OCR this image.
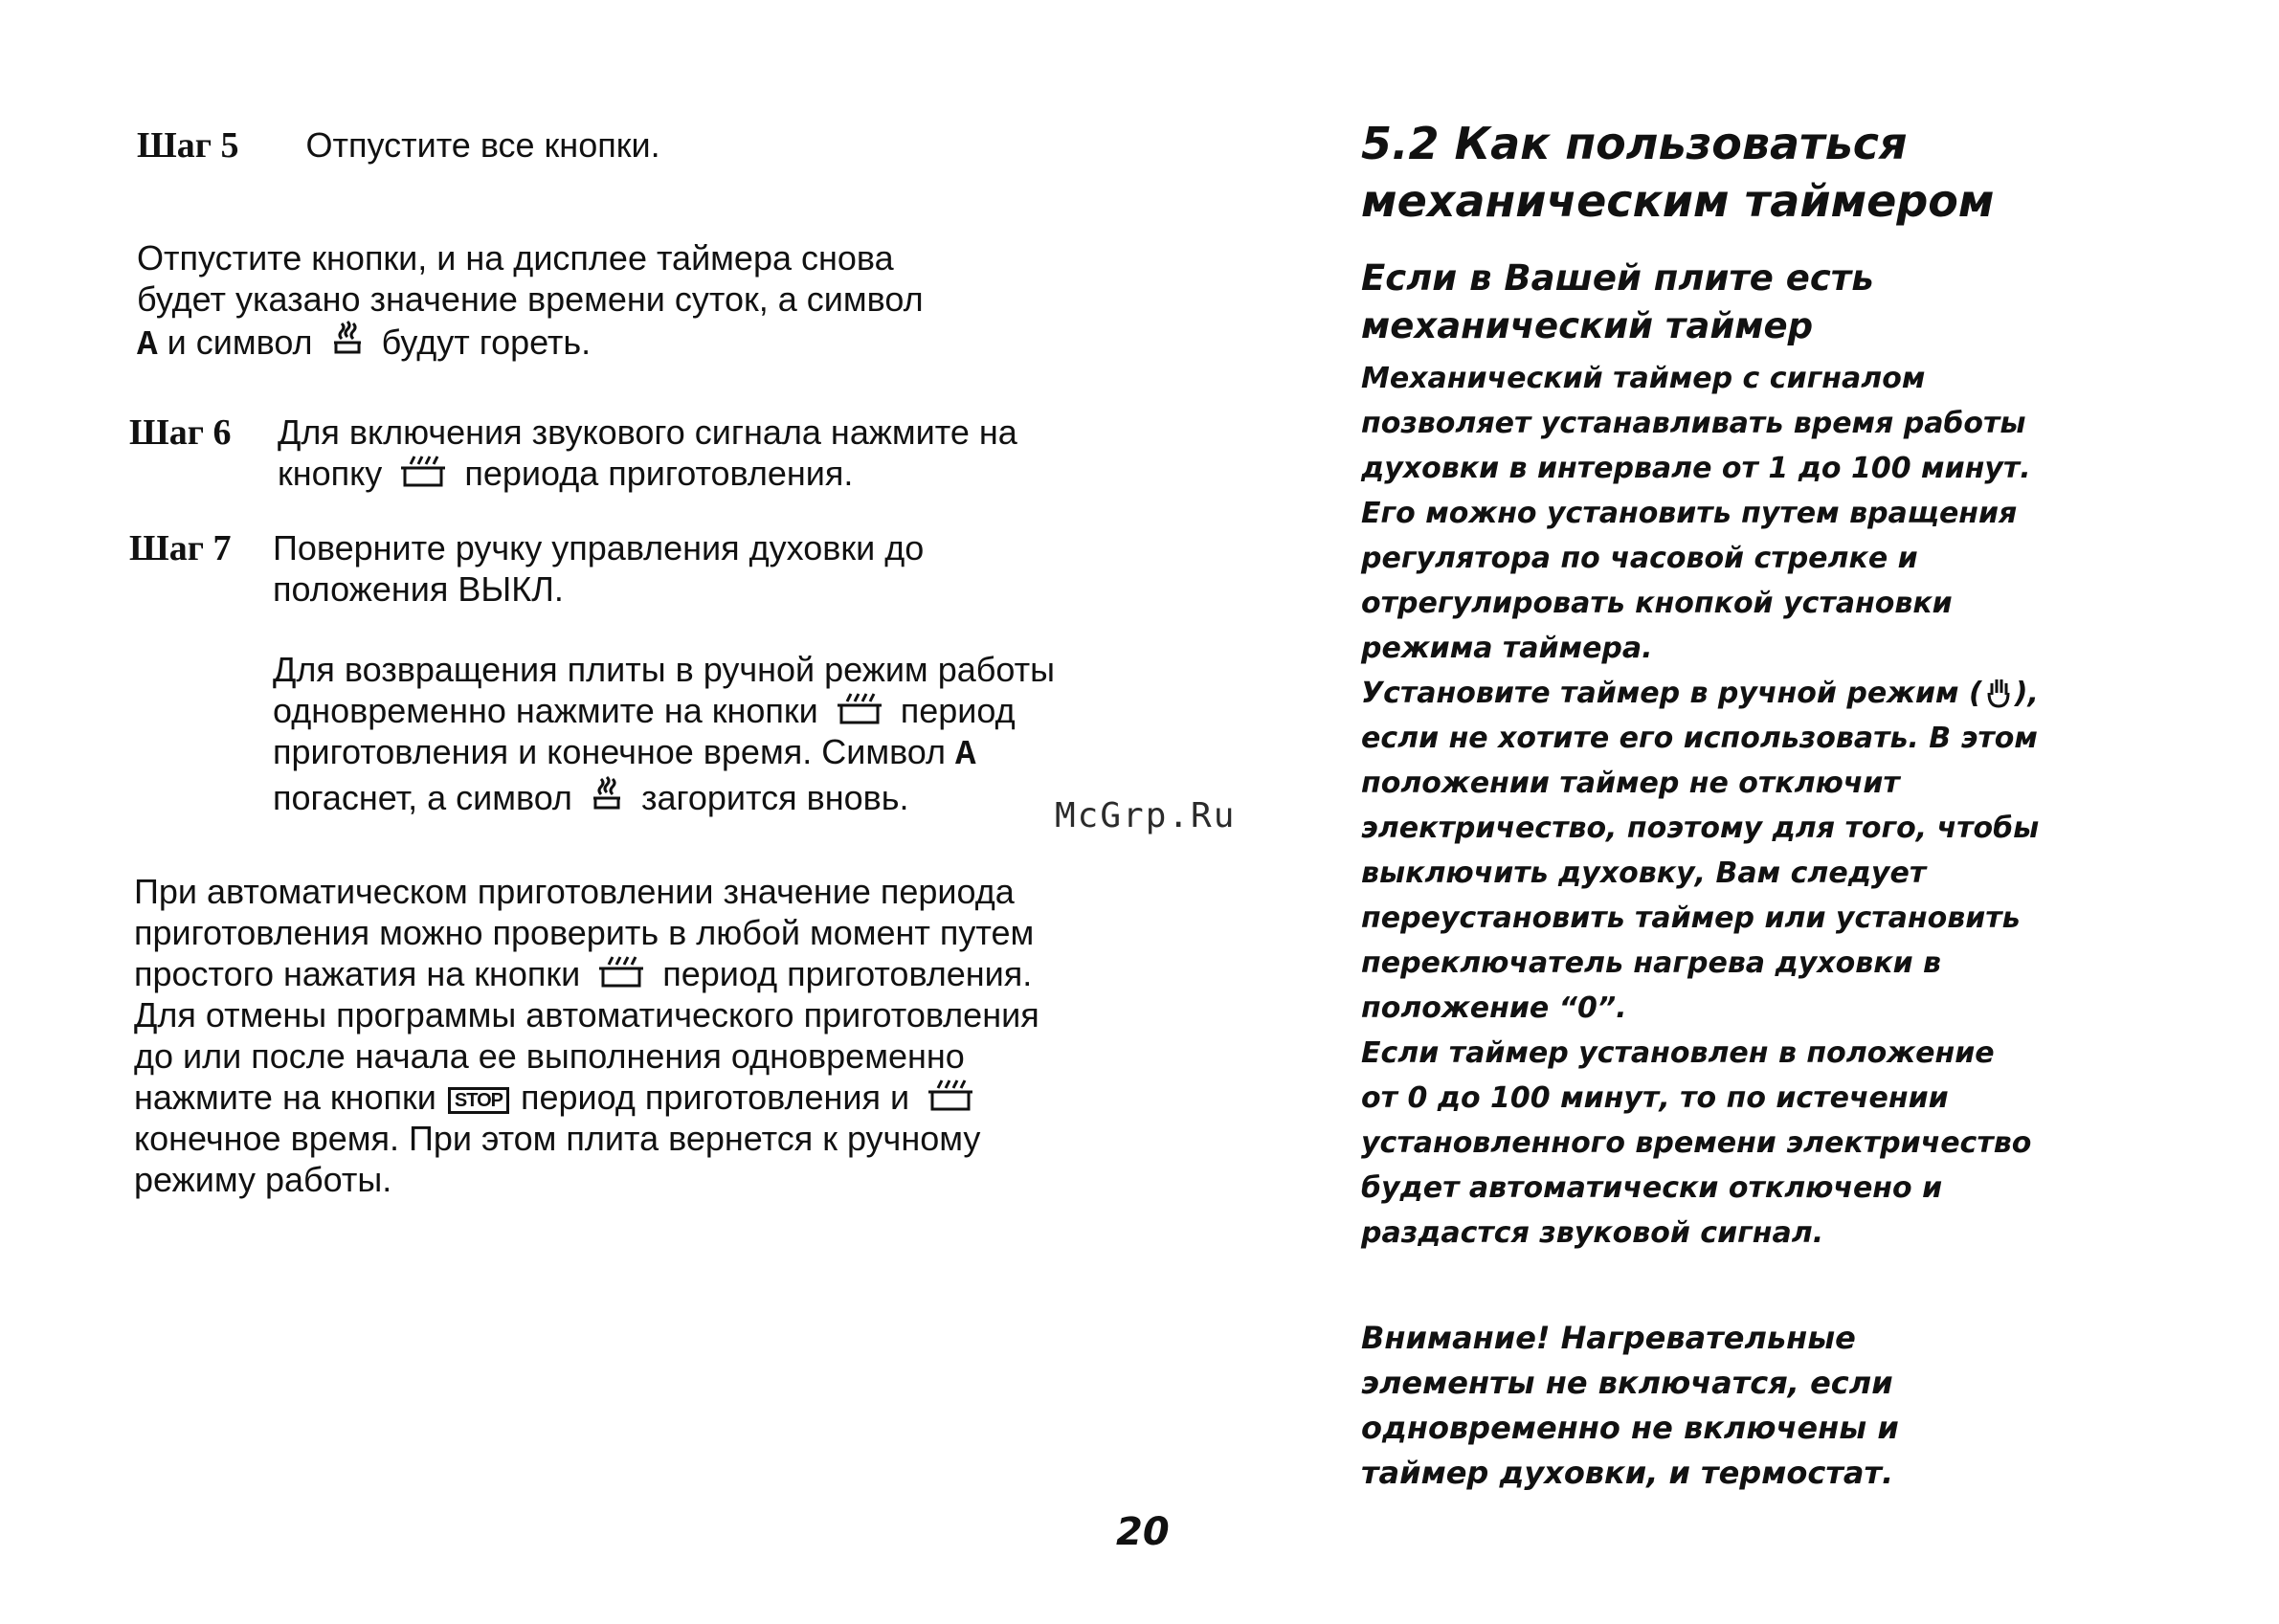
Шаг 5 Отпустите все кнопки.
Отпустите кнопки, и на дисплее таймера снова
будет указано значение времени суток, а символ
A и символ будут гореть.
Шаг 6 Для включения звукового сигнала нажмите на
кнопку периода приготовления.
Шаг 7 Поверните ручку управления духовки до
положения ВЫКЛ.
Для возвращения плиты в ручной режим работы
одновременно нажмите на кнопки период
приготовления и конечное время. Символ A
погаснет, а символ загорится вновь.
При автоматическом приготовлении значение периода
приготовления можно проверить в любой момент путем
простого нажатия на кнопки период приготовления.
Для отмены программы автоматического приготовления
до или после начала ее выполнения одновременно
нажмите на кнопки STOP период приготовления и
конечное время. При этом плита вернется к ручному
режиму работы.
McGrp.Ru
5.2 Как пользоваться
механическим таймером
Если в Вашей плите есть
механический таймер
Механический таймер с сигналом
позволяет устанавливать время работы
духовки в интервале от 1 до 100 минут.
Его можно установить путем вращения
регулятора по часовой стрелке и
отрегулировать кнопкой установки
режима таймера.
Установите таймер в ручной режим ( ),
если не хотите его использовать. В этом
положении таймер не отключит
электричество, поэтому для того, чтобы
выключить духовку, Вам следует
переустановить таймер или установить
переключатель нагрева духовки в
положение “0”.
Если таймер установлен в положение
от 0 до 100 минут, то по истечении
установленного времени электричество
будет автоматически отключено и
раздастся звуковой сигнал.
Внимание! Нагревательные
элементы не включатся, если
одновременно не включены и
таймер духовки, и термостат.
20
